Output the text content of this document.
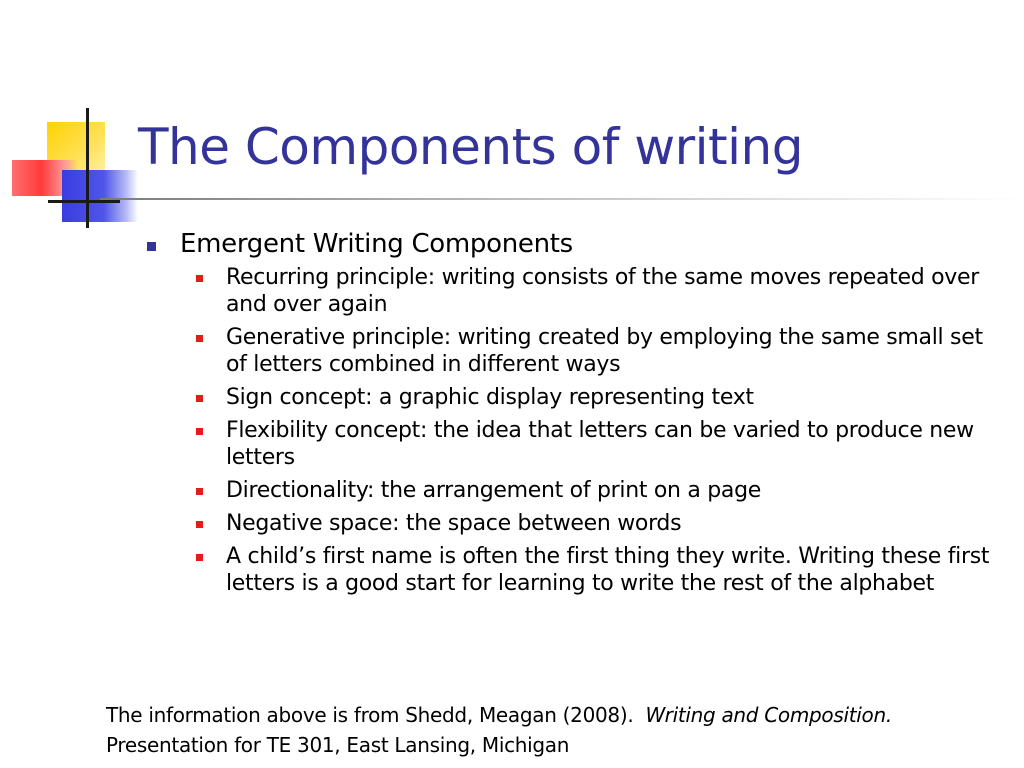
The Components of writing
Emergent Writing Components
Recurring principle: writing consists of the same moves repeated over and over again
Generative principle: writing created by employing the same small set of letters combined in different ways
Sign concept: a graphic display representing text
Flexibility concept: the idea that letters can be varied to produce new letters
Directionality: the arrangement of print on a page
Negative space: the space between words
A child’s first name is often the first thing they write. Writing these first letters is a good start for learning to write the rest of the alphabet
The information above is from Shedd, Meagan (2008). Writing and Composition.  Presentation for TE 301, East Lansing, Michigan
